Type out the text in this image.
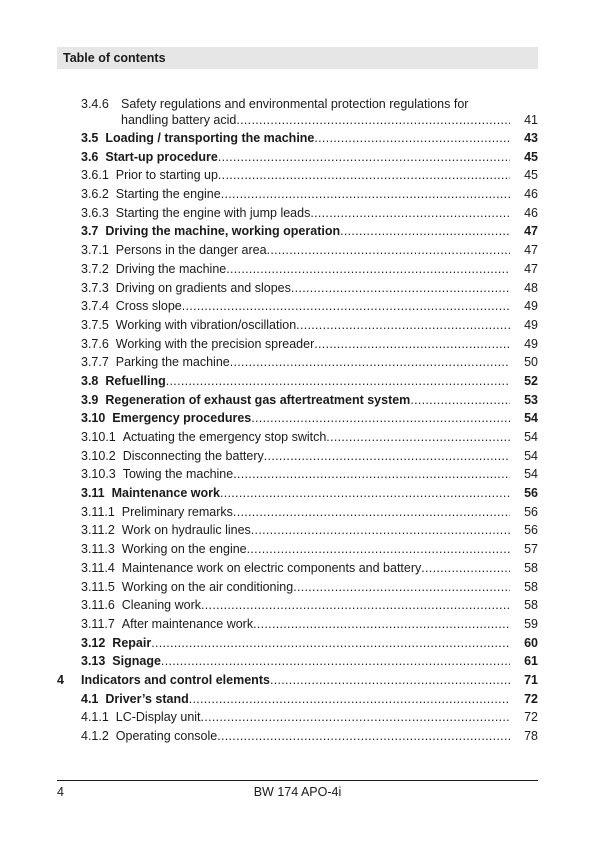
Table of contents
3.4.6 Safety regulations and environmental protection regulations for
handling battery acid .....	41
3.5 Loading / transporting the machine .....	43
3.6 Start-up procedure .....	45
3.6.1 Prior to starting up .....	45
3.6.2 Starting the engine .....	46
3.6.3 Starting the engine with jump leads .....	46
3.7 Driving the machine, working operation .....	47
3.7.1 Persons in the danger area .....	47
3.7.2 Driving the machine .....	47
3.7.3 Driving on gradients and slopes .....	48
3.7.4 Cross slope .....	49
3.7.5 Working with vibration/oscillation .....	49
3.7.6 Working with the precision spreader .....	49
3.7.7 Parking the machine .....	50
3.8 Refuelling .....	52
3.9 Regeneration of exhaust gas aftertreatment system .....	53
3.10 Emergency procedures .....	54
3.10.1 Actuating the emergency stop switch .....	54
3.10.2 Disconnecting the battery .....	54
3.10.3 Towing the machine .....	54
3.11 Maintenance work .....	56
3.11.1 Preliminary remarks .....	56
3.11.2 Work on hydraulic lines .....	56
3.11.3 Working on the engine .....	57
3.11.4 Maintenance work on electric components and battery .....	58
3.11.5 Working on the air conditioning .....	58
3.11.6 Cleaning work .....	58
3.11.7 After maintenance work .....	59
3.12 Repair .....	60
3.13 Signage .....	61
4 Indicators and control elements .....	71
4.1 Driver’s stand .....	72
4.1.1 LC-Display unit .....	72
4.1.2 Operating console .....	78
4	BW 174 APO-4i
